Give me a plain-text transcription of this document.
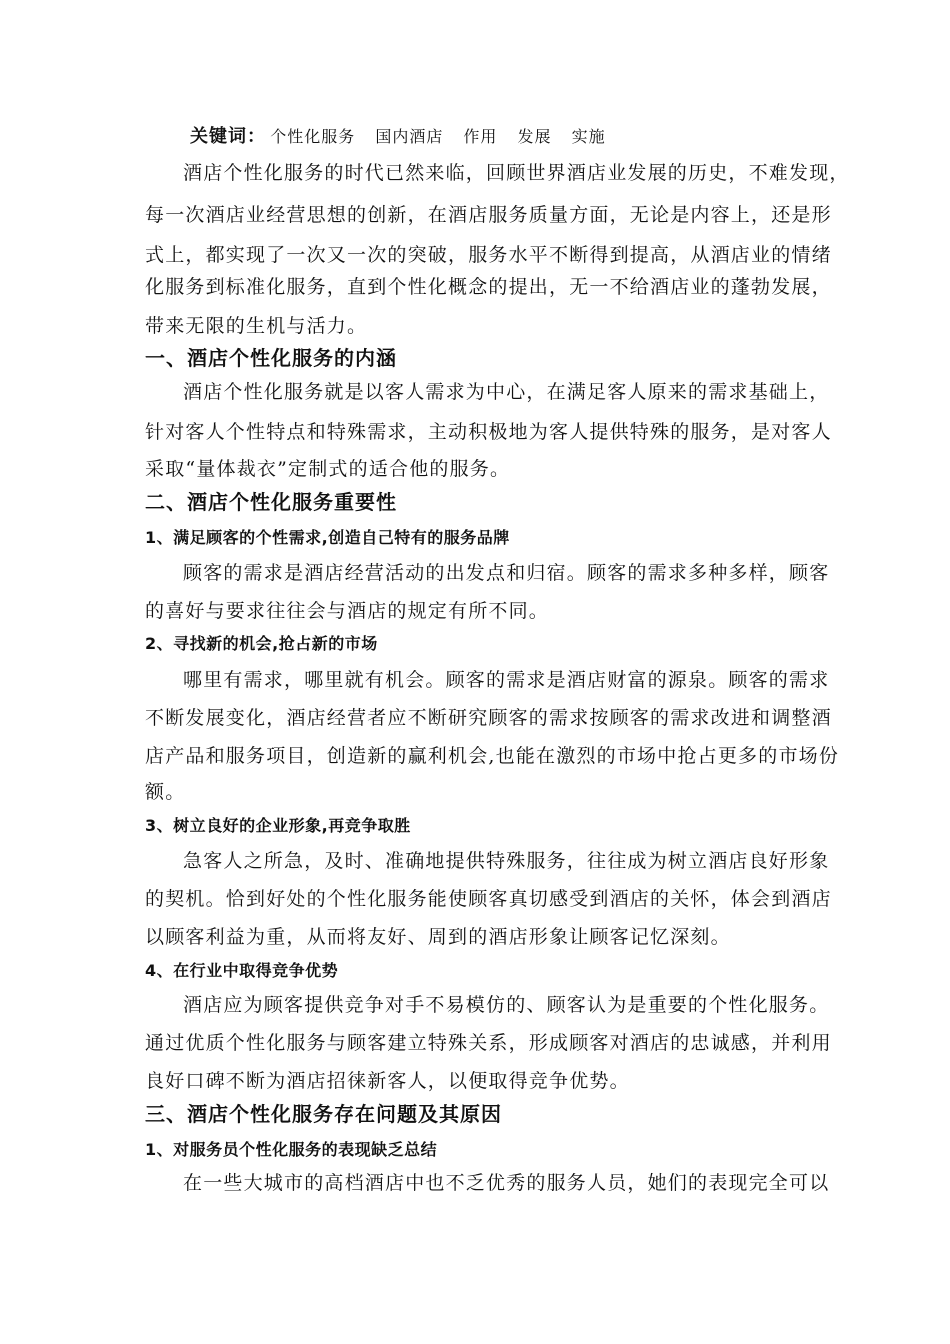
关键词： 个性化服务 国内酒店 作用 发展 实施
酒店个性化服务的时代已然来临，回顾世界酒店业发展的历史，不难发现，
每一次酒店业经营思想的创新，在酒店服务质量方面，无论是内容上，还是形
式上，都实现了一次又一次的突破，服务水平不断得到提高，从酒店业的情绪
化服务到标准化服务，直到个性化概念的提出，无一不给酒店业的蓬勃发展，
带来无限的生机与活力。
一、酒店个性化服务的内涵
酒店个性化服务就是以客人需求为中心，在满足客人原来的需求基础上，
针对客人个性特点和特殊需求，主动积极地为客人提供特殊的服务，是对客人
采取“量体裁衣”定制式的适合他的服务。
二、酒店个性化服务重要性
1、满足顾客的个性需求,创造自己特有的服务品牌
顾客的需求是酒店经营活动的出发点和归宿。顾客的需求多种多样，顾客
的喜好与要求往往会与酒店的规定有所不同。
2、寻找新的机会,抢占新的市场
哪里有需求，哪里就有机会。顾客的需求是酒店财富的源泉。顾客的需求
不断发展变化，酒店经营者应不断研究顾客的需求按顾客的需求改进和调整酒
店产品和服务项目，创造新的赢利机会,也能在激烈的市场中抢占更多的市场份
额。
3、树立良好的企业形象,再竞争取胜
急客人之所急，及时、准确地提供特殊服务，往往成为树立酒店良好形象
的契机。恰到好处的个性化服务能使顾客真切感受到酒店的关怀，体会到酒店
以顾客利益为重，从而将友好、周到的酒店形象让顾客记忆深刻。
4、在行业中取得竞争优势
酒店应为顾客提供竞争对手不易模仿的、顾客认为是重要的个性化服务。
通过优质个性化服务与顾客建立特殊关系，形成顾客对酒店的忠诚感，并利用
良好口碑不断为酒店招徕新客人，以便取得竞争优势。
三、酒店个性化服务存在问题及其原因
1、对服务员个性化服务的表现缺乏总结
在一些大城市的高档酒店中也不乏优秀的服务人员，她们的表现完全可以
